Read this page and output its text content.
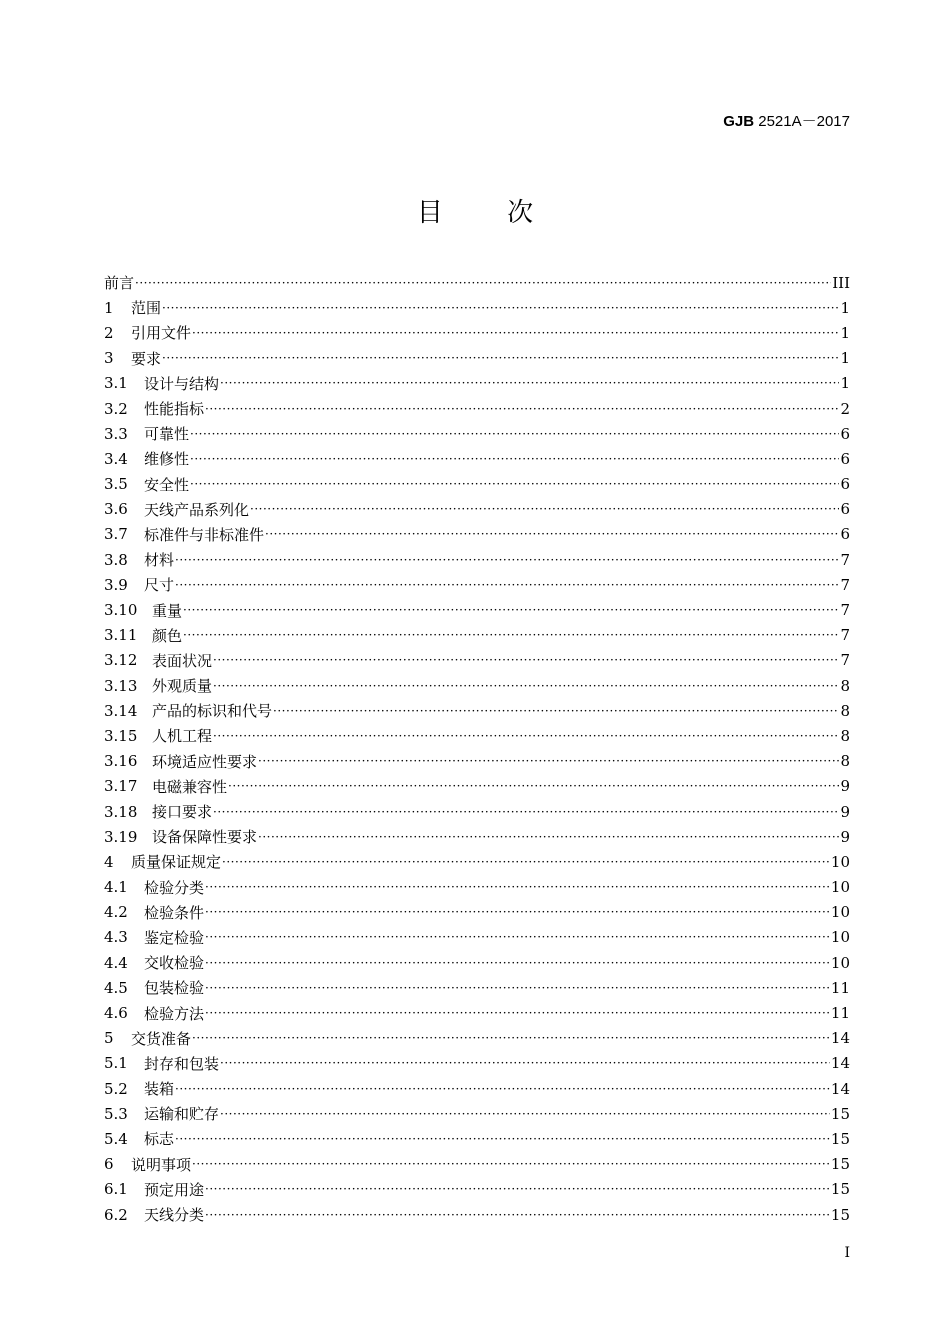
GJB 2521A－2017
目 次
前言 ·····	III
1	范围 ·····	1
2	引用文件 ·····	1
3	要求 ·····	1
3.1	设计与结构 ·····	1
3.2	性能指标 ·····	2
3.3	可靠性 ·····	6
3.4	维修性 ·····	6
3.5	安全性 ·····	6
3.6	天线产品系列化 ·····	6
3.7	标准件与非标准件 ·····	6
3.8	材料 ·····	7
3.9	尺寸 ·····	7
3.10 重量 ·····	7
3.11 颜色 ·····	7
3.12 表面状况 ·····	7
3.13 外观质量 ·····	8
3.14 产品的标识和代号 ·····	8
3.15 人机工程 ·····	8
3.16 环境适应性要求 ·····	8
3.17 电磁兼容性 ·····	9
3.18 接口要求 ·····	9
3.19 设备保障性要求 ·····	9
4	质量保证规定 ·····	10
4.1	检验分类 ·····	10
4.2	检验条件 ·····	10
4.3	鉴定检验 ·····	10
4.4	交收检验 ·····	10
4.5	包装检验 ·····	11
4.6	检验方法 ·····	11
5	交货准备 ·····	14
5.1	封存和包装 ·····	14
5.2	装箱 ·····	14
5.3	运输和贮存 ·····	15
5.4	标志 ·····	15
6	说明事项 ·····	15
6.1	预定用途 ·····	15
6.2	天线分类 ·····	15
I
